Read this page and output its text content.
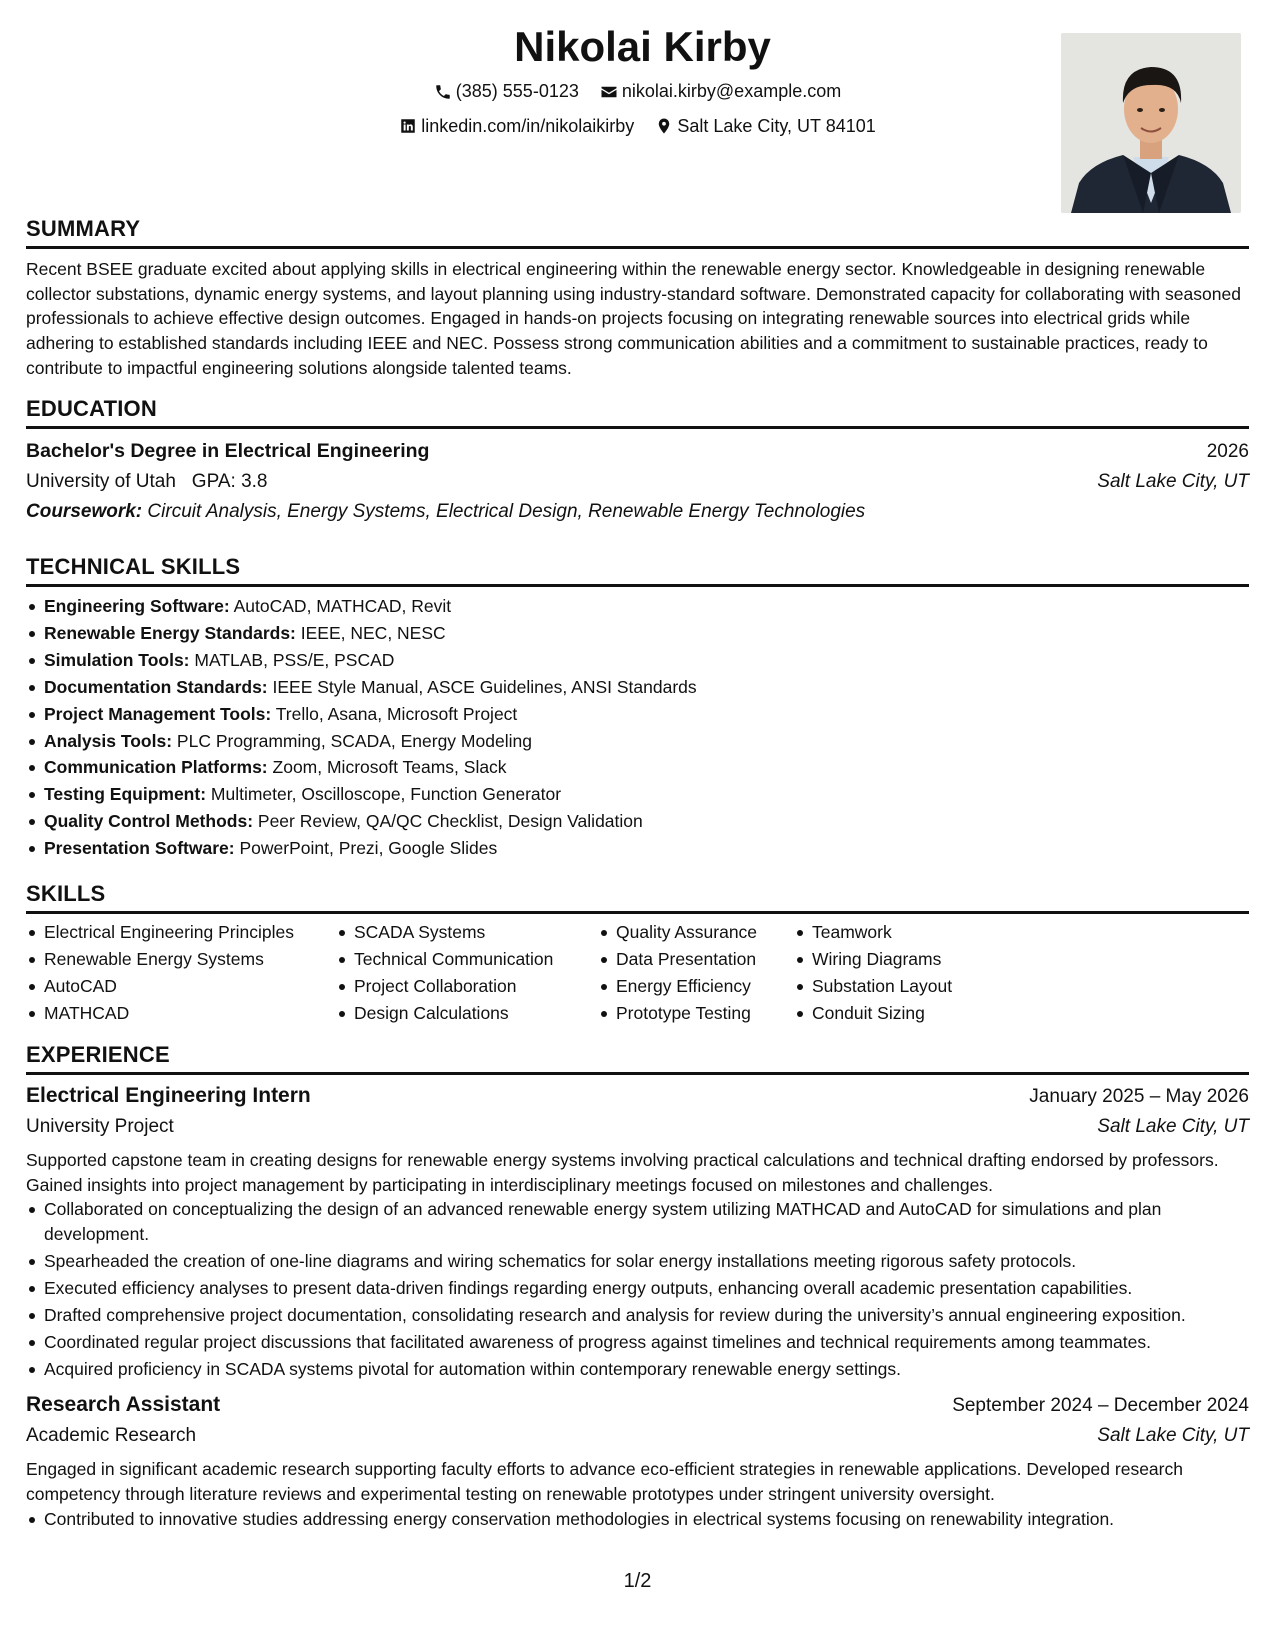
Nikolai Kirby
(385) 555-0123
nikolai.kirby@example.com
linkedin.com/in/nikolaikirby
Salt Lake City, UT 84101
SUMMARY
Recent BSEE graduate excited about applying skills in electrical engineering within the renewable energy sector. Knowledgeable in designing renewable collector substations, dynamic energy systems, and layout planning using industry-standard software. Demonstrated capacity for collaborating with seasoned professionals to achieve effective design outcomes. Engaged in hands-on projects focusing on integrating renewable sources into electrical grids while adhering to established standards including IEEE and NEC. Possess strong communication abilities and a commitment to sustainable practices, ready to contribute to impactful engineering solutions alongside talented teams.
EDUCATION
Bachelor's Degree in Electrical Engineering	2026
University of Utah GPA: 3.8	Salt Lake City, UT
Coursework: Circuit Analysis, Energy Systems, Electrical Design, Renewable Energy Technologies
TECHNICAL SKILLS
Engineering Software: AutoCAD, MATHCAD, Revit
Renewable Energy Standards: IEEE, NEC, NESC
Simulation Tools: MATLAB, PSS/E, PSCAD
Documentation Standards: IEEE Style Manual, ASCE Guidelines, ANSI Standards
Project Management Tools: Trello, Asana, Microsoft Project
Analysis Tools: PLC Programming, SCADA, Energy Modeling
Communication Platforms: Zoom, Microsoft Teams, Slack
Testing Equipment: Multimeter, Oscilloscope, Function Generator
Quality Control Methods: Peer Review, QA/QC Checklist, Design Validation
Presentation Software: PowerPoint, Prezi, Google Slides
SKILLS
Electrical Engineering Principles
Renewable Energy Systems
AutoCAD
MATHCAD
SCADA Systems
Technical Communication
Project Collaboration
Design Calculations
Quality Assurance
Data Presentation
Energy Efficiency
Prototype Testing
Teamwork
Wiring Diagrams
Substation Layout
Conduit Sizing
EXPERIENCE
Electrical Engineering Intern	January 2025 – May 2026
University Project	Salt Lake City, UT
Supported capstone team in creating designs for renewable energy systems involving practical calculations and technical drafting endorsed by professors. Gained insights into project management by participating in interdisciplinary meetings focused on milestones and challenges.
Collaborated on conceptualizing the design of an advanced renewable energy system utilizing MATHCAD and AutoCAD for simulations and plan development.
Spearheaded the creation of one-line diagrams and wiring schematics for solar energy installations meeting rigorous safety protocols.
Executed efficiency analyses to present data-driven findings regarding energy outputs, enhancing overall academic presentation capabilities.
Drafted comprehensive project documentation, consolidating research and analysis for review during the university’s annual engineering exposition.
Coordinated regular project discussions that facilitated awareness of progress against timelines and technical requirements among teammates.
Acquired proficiency in SCADA systems pivotal for automation within contemporary renewable energy settings.
Research Assistant	September 2024 – December 2024
Academic Research	Salt Lake City, UT
Engaged in significant academic research supporting faculty efforts to advance eco-efficient strategies in renewable applications. Developed research competency through literature reviews and experimental testing on renewable prototypes under stringent university oversight.
Contributed to innovative studies addressing energy conservation methodologies in electrical systems focusing on renewability integration.
1/2
